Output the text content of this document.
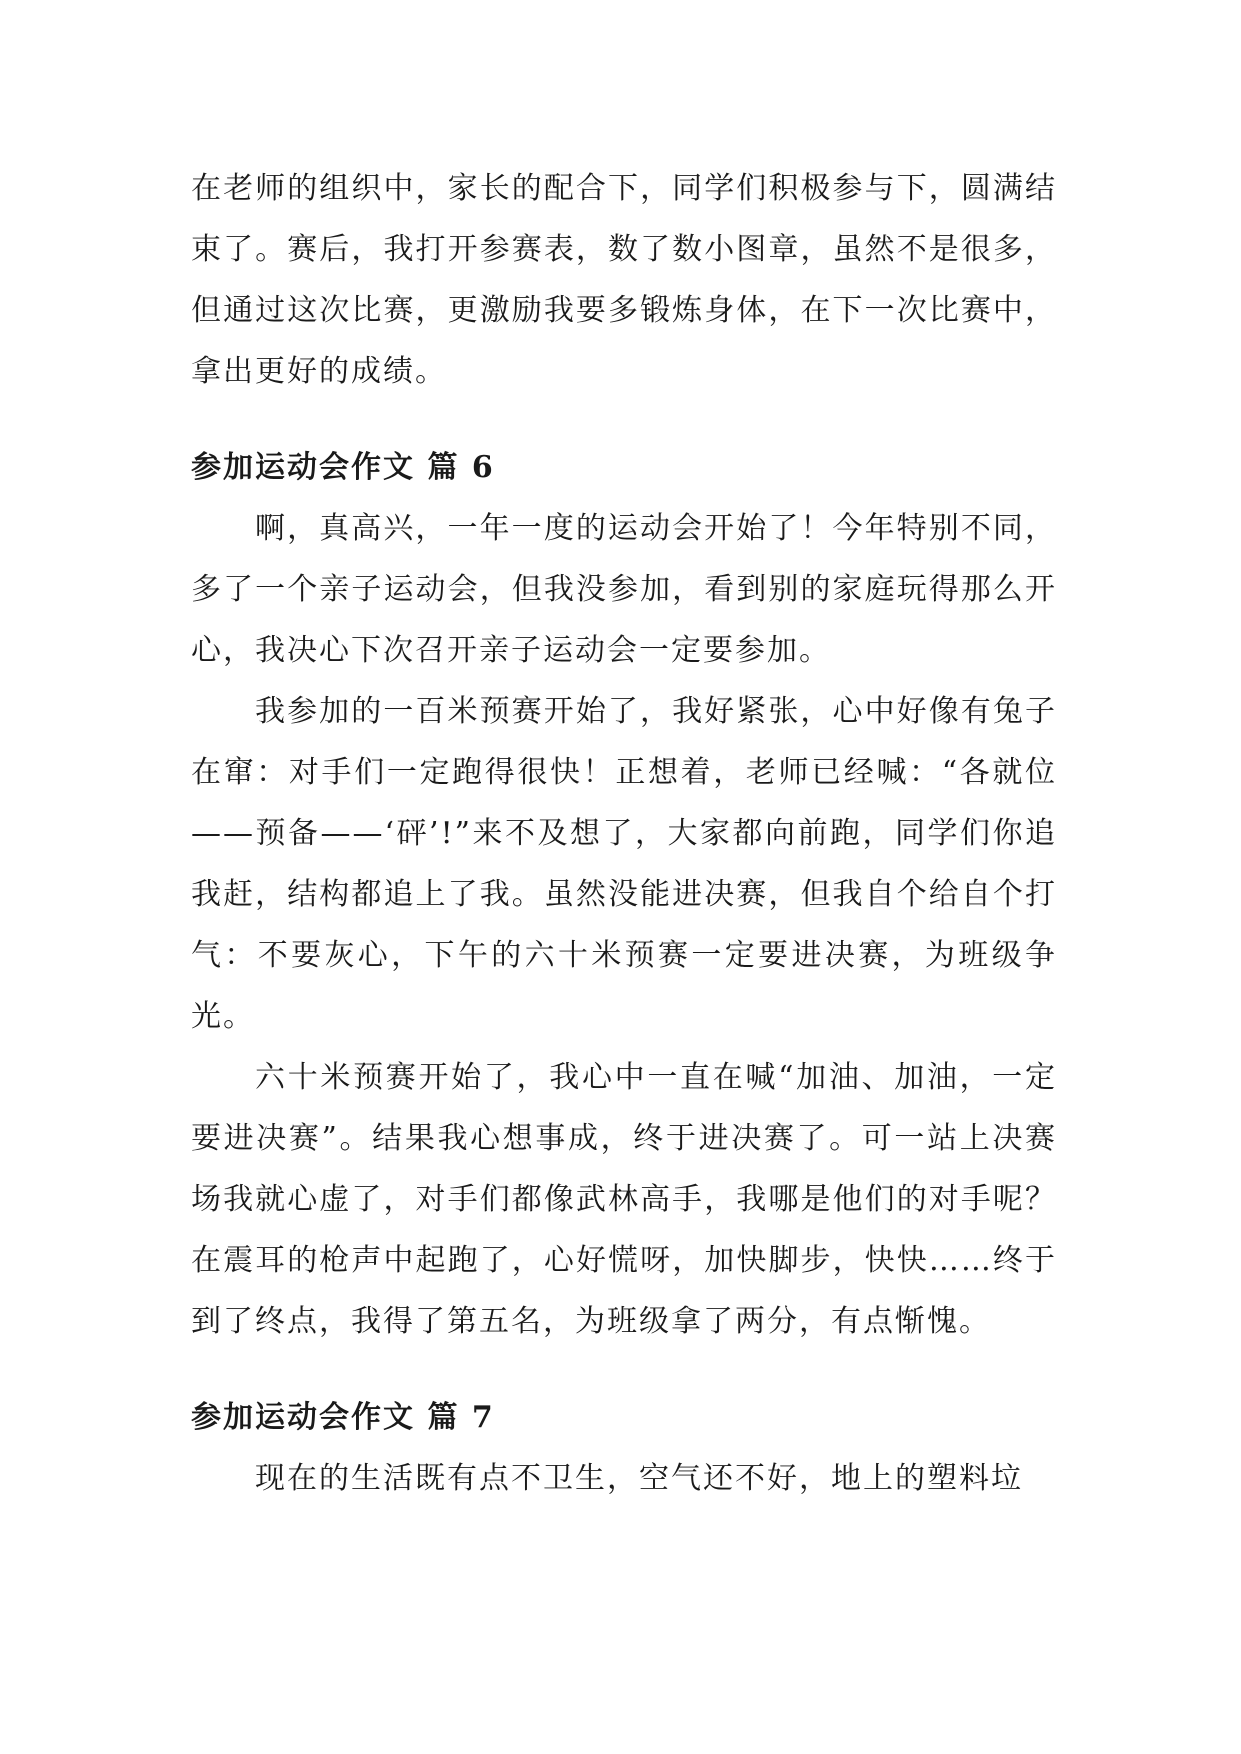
在老师的组织中，家长的配合下，同学们积极参与下，圆满结束了。赛后，我打开参赛表，数了数小图章，虽然不是很多，但通过这次比赛，更激励我要多锻炼身体，在下一次比赛中，拿出更好的成绩。

参加运动会作文 篇 6

啊，真高兴，一年一度的运动会开始了！今年特别不同，多了一个亲子运动会，但我没参加，看到别的家庭玩得那么开心，我决心下次召开亲子运动会一定要参加。

我参加的一百米预赛开始了，我好紧张，心中好像有兔子在窜：对手们一定跑得很快！正想着，老师已经喊：“各就位——预备——‘砰’!”来不及想了，大家都向前跑，同学们你追我赶，结构都追上了我。虽然没能进决赛，但我自个给自个打气：不要灰心，下午的六十米预赛一定要进决赛，为班级争光。

六十米预赛开始了，我心中一直在喊“加油、加油，一定要进决赛”。结果我心想事成，终于进决赛了。可一站上决赛场我就心虚了，对手们都像武林高手，我哪是他们的对手呢？在震耳的枪声中起跑了，心好慌呀，加快脚步，快快……终于到了终点，我得了第五名，为班级拿了两分，有点惭愧。

参加运动会作文 篇 7

现在的生活既有点不卫生，空气还不好，地上的塑料垃
